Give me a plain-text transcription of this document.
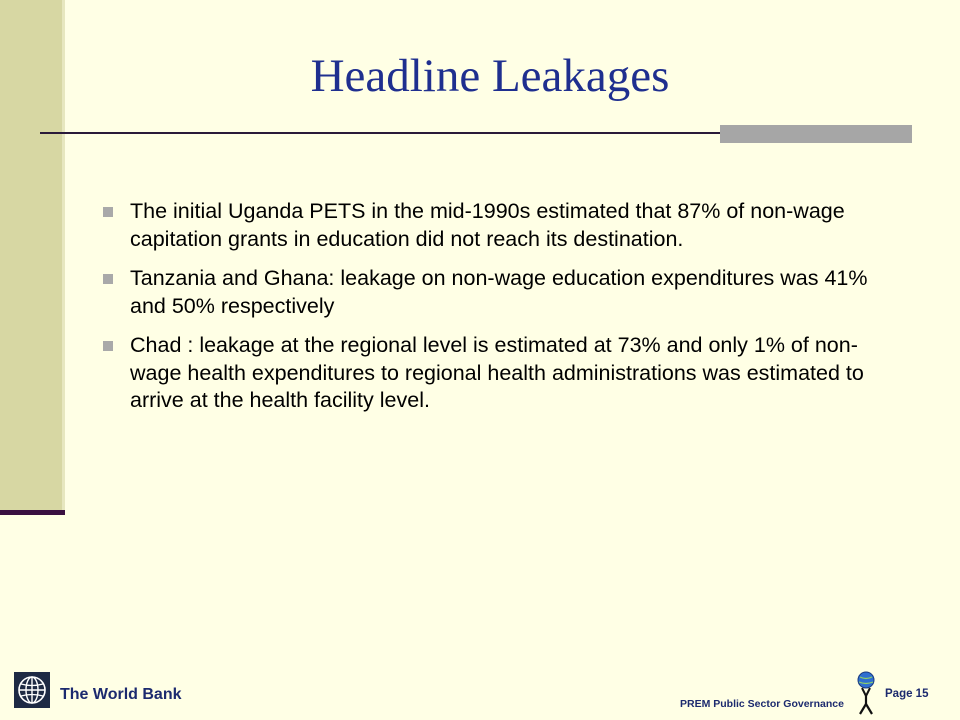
Headline Leakages
The initial Uganda PETS in the mid-1990s estimated that 87% of non-wage capitation grants in education did not reach its destination.
Tanzania and Ghana: leakage on non-wage education expenditures was 41% and 50% respectively
Chad : leakage at the regional level is estimated at 73% and only 1% of non-wage health expenditures to regional health administrations was estimated to arrive at the health facility level.
The World Bank
PREM Public Sector Governance
Page 15
